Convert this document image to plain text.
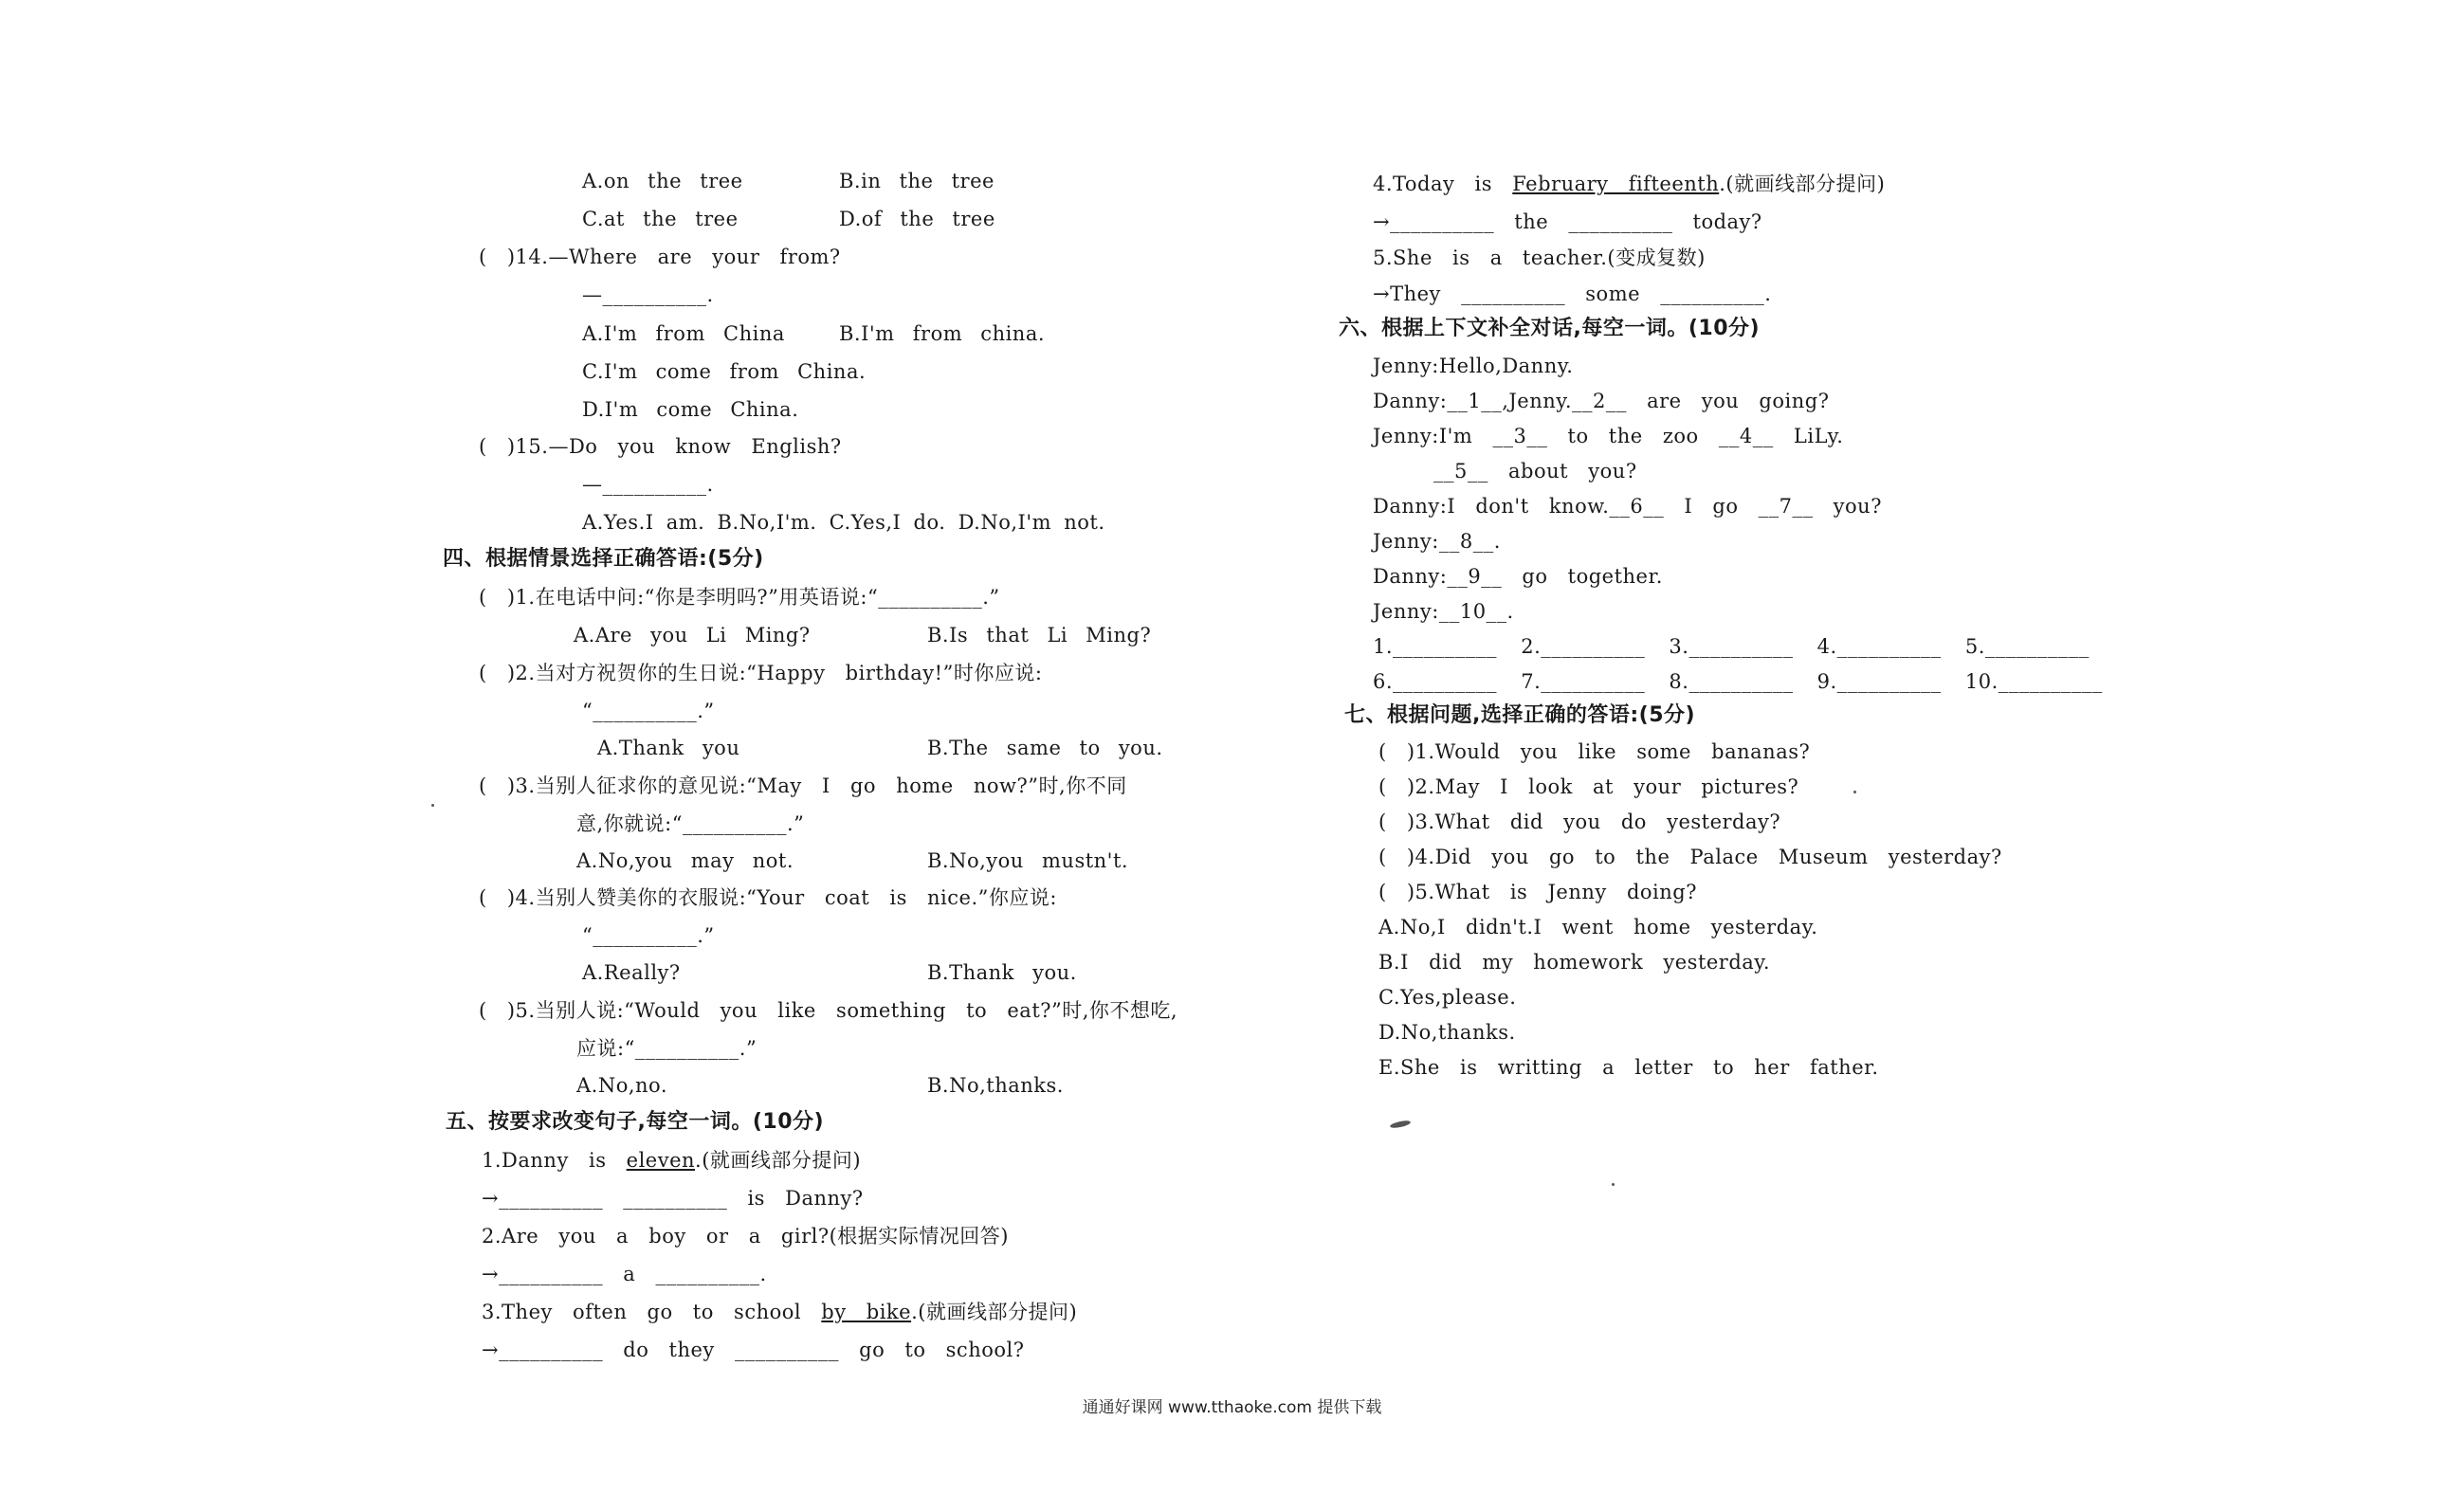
A.on the tree	B.in the tree
C.at the tree	D.of the tree
( )14.—Where are your from?
—__________.
A.I'm from China	B.I'm from china.
C.I'm come from China.
D.I'm come China.
( )15.—Do you know English?
—__________.
A.Yes.I am. B.No,I'm. C.Yes,I do. D.No,I'm not.
四、根据情景选择正确答语:(5分)
( )1.在电话中问:“你是李明吗?”用英语说:“__________.”
A.Are you Li Ming?	B.Is that Li Ming?
( )2.当对方祝贺你的生日说:“Happy birthday!”时你应说:
“__________.”
A.Thank you	B.The same to you.
( )3.当别人征求你的意见说:“May I go home now?”时,你不同
意,你就说:“__________.”
A.No,you may not.	B.No,you mustn't.
( )4.当别人赞美你的衣服说:“Your coat is nice.”你应说:
“__________.”
A.Really?	B.Thank you.
( )5.当别人说:“Would you like something to eat?”时,你不想吃,
应说:“__________.”
A.No,no.	B.No,thanks.
五、按要求改变句子,每空一词。(10分)
1.Danny is eleven.(就画线部分提问)
→__________ __________ is Danny?
2.Are you a boy or a girl?(根据实际情况回答)
→__________ a __________.
3.They often go to school by bike.(就画线部分提问)
→__________ do they __________ go to school?
4.Today is February fifteenth.(就画线部分提问)
→__________ the __________ today?
5.She is a teacher.(变成复数)
→They __________ some __________.
六、根据上下文补全对话,每空一词。(10分)
Jenny:Hello,Danny.
Danny:__1__,Jenny.__2__ are you going?
Jenny:I'm __3__ to the zoo __4__ LiLy.
__5__ about you?
Danny:I don't know.__6__ I go __7__ you?
Jenny:__8__.
Danny:__9__ go together.
Jenny:__10__.
1.__________ 2.__________ 3.__________ 4.__________ 5.__________
6.__________ 7.__________ 8.__________ 9.__________ 10.__________
七、根据问题,选择正确的答语:(5分)
( )1.Would you like some bananas?
( )2.May I look at your pictures?
( )3.What did you do yesterday?
( )4.Did you go to the Palace Museum yesterday?
( )5.What is Jenny doing?
A.No,I didn't.I went home yesterday.
B.I did my homework yesterday.
C.Yes,please.
D.No,thanks.
E.She is writting a letter to her father.
通通好课网 www.tthaoke.com 提供下载
